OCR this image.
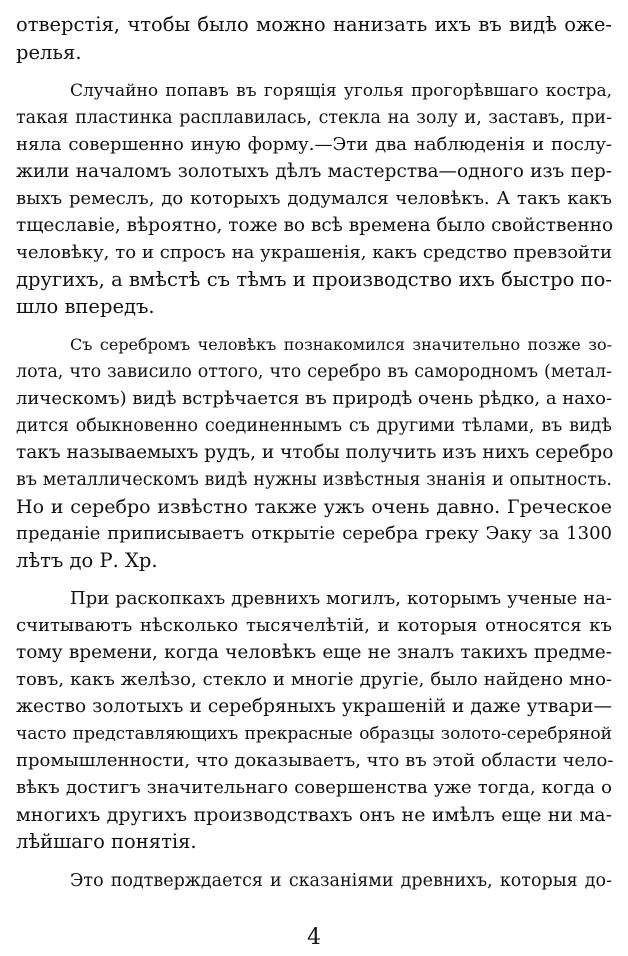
отверстія, чтобы было можно нанизать ихъ въ видѣ оже-
релья.
Случайно попавъ въ горящія уголья прогорѣвшаго костра,
такая пластинка расплавилась, стекла на золу и, заставъ, при-
няла совершенно иную форму.—Эти два наблюденія и послу-
жили началомъ золотыхъ дѣлъ мастерства—одного изъ пер-
выхъ ремеслъ, до которыхъ додумался человѣкъ. А такъ какъ
тщеславіе, вѣроятно, тоже во всѣ времена было свойственно
человѣку, то и спросъ на украшенія, какъ средство превзойти
другихъ, а вмѣстѣ съ тѣмъ и производство ихъ быстро по-
шло впередъ.
Съ серебромъ человѣкъ познакомился значительно позже зо-
лота, что зависило оттого, что серебро въ самородномъ (метал-
лическомъ) видѣ встрѣчается въ природѣ очень рѣдко, а нахо-
дится обыкновенно соединеннымъ съ другими тѣлами, въ видѣ
такъ называемыхъ рудъ, и чтобы получить изъ нихъ серебро
въ металлическомъ видѣ нужны извѣстныя знанія и опытность.
Но и серебро извѣстно также ужъ очень давно. Греческое
преданіе приписываетъ открытіе серебра греку Эаку за 1300
лѣтъ до Р. Хр.
При раскопкахъ древнихъ могилъ, которымъ ученые на-
считываютъ нѣсколько тысячелѣтій, и которыя относятся къ
тому времени, когда человѣкъ еще не зналъ такихъ предме-
товъ, какъ желѣзо, стекло и многіе другіе, было найдено мно-
жество золотыхъ и серебряныхъ украшеній и даже утвари—
часто представляющихъ прекрасные образцы золото-серебряной
промышленности, что доказываетъ, что въ этой области чело-
вѣкъ достигъ значительнаго совершенства уже тогда, когда о
многихъ другихъ производствахъ онъ не имѣлъ еще ни ма-
лѣйшаго понятія.
Это подтверждается и сказаніями древнихъ, которыя до-
4
